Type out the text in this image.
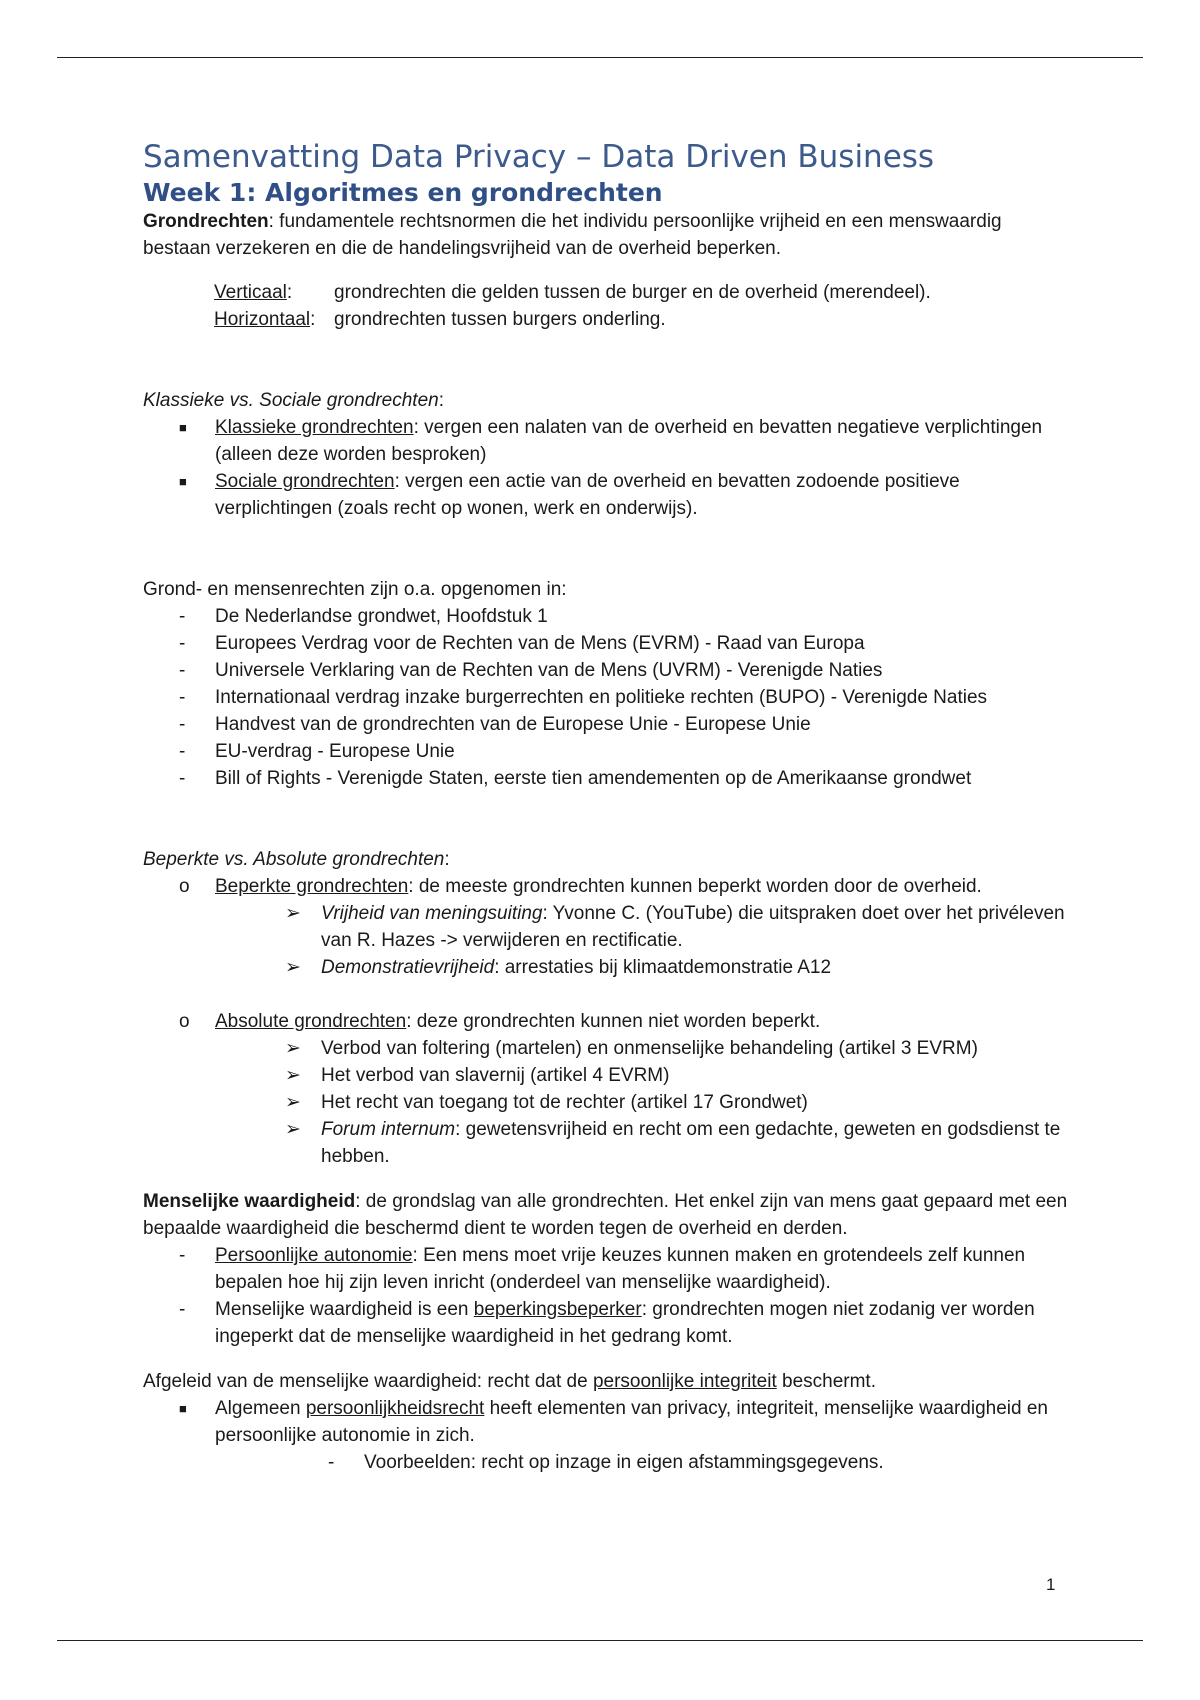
Samenvatting Data Privacy – Data Driven Business
Week 1: Algoritmes en grondrechten

Grondrechten: fundamentele rechtsnormen die het individu persoonlijke vrijheid en een menswaardig bestaan verzekeren en die de handelingsvrijheid van de overheid beperken.

Verticaal:	grondrechten die gelden tussen de burger en de overheid (merendeel).
Horizontaal: grondrechten tussen burgers onderling.

Klassieke vs. Sociale grondrechten:

■ Klassieke grondrechten: vergen een nalaten van de overheid en bevatten negatieve verplichtingen (alleen deze worden besproken)
■ Sociale grondrechten: vergen een actie van de overheid en bevatten zodoende positieve verplichtingen (zoals recht op wonen, werk en onderwijs).

Grond- en mensenrechten zijn o.a. opgenomen in:

- De Nederlandse grondwet, Hoofdstuk 1
- Europees Verdrag voor de Rechten van de Mens (EVRM) - Raad van Europa
- Universele Verklaring van de Rechten van de Mens (UVRM) - Verenigde Naties
- Internationaal verdrag inzake burgerrechten en politieke rechten (BUPO) - Verenigde Naties
- Handvest van de grondrechten van de Europese Unie - Europese Unie
- EU-verdrag - Europese Unie
- Bill of Rights - Verenigde Staten, eerste tien amendementen op de Amerikaanse grondwet

Beperkte vs. Absolute grondrechten:

o Beperkte grondrechten: de meeste grondrechten kunnen beperkt worden door de overheid.
➢ Vrijheid van meningsuiting: Yvonne C. (YouTube) die uitspraken doet over het privéleven van R. Hazes -> verwijderen en rectificatie.
➢ Demonstratievrijheid: arrestaties bij klimaatdemonstratie A12
o Absolute grondrechten: deze grondrechten kunnen niet worden beperkt.
➢ Verbod van foltering (martelen) en onmenselijke behandeling (artikel 3 EVRM)
➢ Het verbod van slavernij (artikel 4 EVRM)
➢ Het recht van toegang tot de rechter (artikel 17 Grondwet)
➢ Forum internum: gewetensvrijheid en recht om een gedachte, geweten en godsdienst te hebben.

Menselijke waardigheid: de grondslag van alle grondrechten. Het enkel zijn van mens gaat gepaard met een bepaalde waardigheid die beschermd dient te worden tegen de overheid en derden.

- Persoonlijke autonomie: Een mens moet vrije keuzes kunnen maken en grotendeels zelf kunnen bepalen hoe hij zijn leven inricht (onderdeel van menselijke waardigheid).
- Menselijke waardigheid is een beperkingsbeperker: grondrechten mogen niet zodanig ver worden ingeperkt dat de menselijke waardigheid in het gedrang komt.

Afgeleid van de menselijke waardigheid: recht dat de persoonlijke integriteit beschermt.

■ Algemeen persoonlijkheidsrecht heeft elementen van privacy, integriteit, menselijke waardigheid en persoonlijke autonomie in zich.
- Voorbeelden: recht op inzage in eigen afstammingsgegevens.
1
